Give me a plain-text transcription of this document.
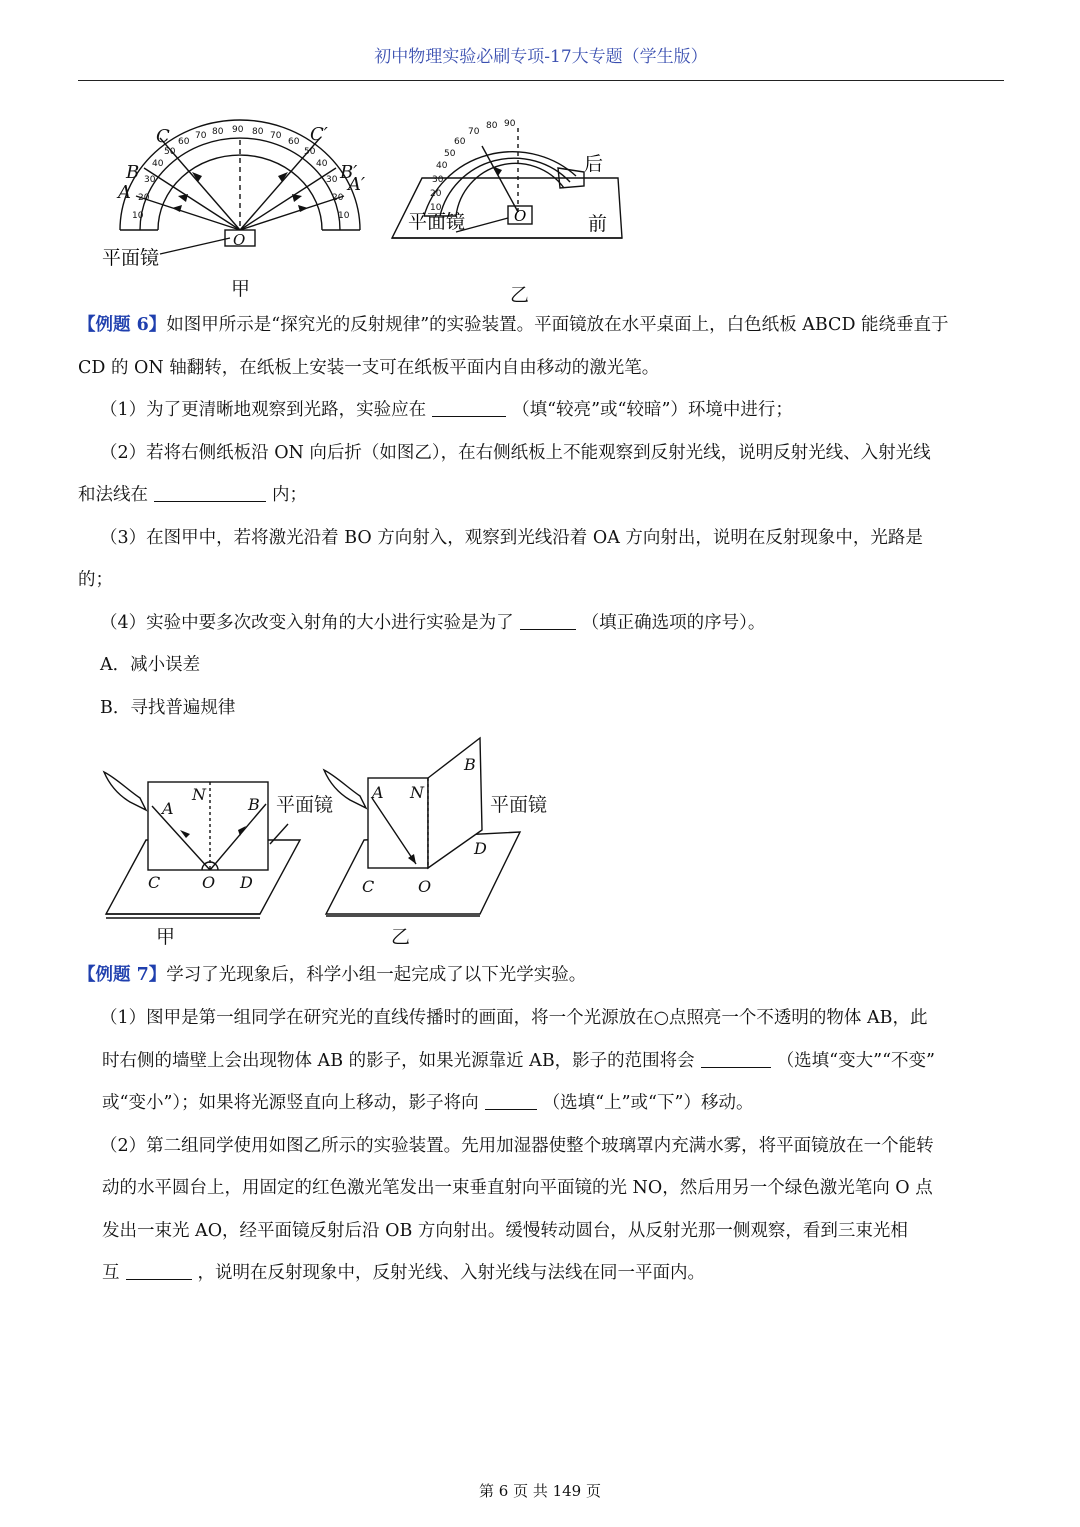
初中物理实验必刷专项-17大专题（学生版）
90
80
70
60
50
40
30
20
10
80 70
60
50
40
30
20
10
C
B
A
C′
B′
A′
O
平面镜
甲
90
80
70
60
50
40
30
20
10	O
后
前
平面镜
乙
【例题 6】如图甲所示是“探究光的反射规律”的实验装置。平面镜放在水平桌面上，白色纸板 ABCD 能绕垂直于
CD 的 ON 轴翻转，在纸板上安装一支可在纸板平面内自由移动的激光笔。
（1）为了更清晰地观察到光路，实验应在	（填“较亮”或“较暗”）环境中进行；
（2）若将右侧纸板沿 ON 向后折（如图乙），在右侧纸板上不能观察到反射光线，说明反射光线、入射光线
和法线在	内；
（3）在图甲中，若将激光沿着 BO 方向射入，观察到光线沿着 OA 方向射出，说明在反射现象中，光路是
的；
（4）实验中要多次改变入射角的大小进行实验是为了	（填正确选项的序号）。
A．减小误差
B．寻找普遍规律
N
A	B
C	O D
平面镜
甲
A N
B
D
C	O
平面镜
乙
【例题 7】学习了光现象后，科学小组一起完成了以下光学实验。
（1）图甲是第一组同学在研究光的直线传播时的画面，将一个光源放在○点照亮一个不透明的物体 AB，此
时右侧的墙壁上会出现物体 AB 的影子，如果光源靠近 AB，影子的范围将会	（选填“变大”“不变”
或“变小”）；如果将光源竖直向上移动，影子将向	（选填“上”或“下”）移动。
（2）第二组同学使用如图乙所示的实验装置。先用加湿器使整个玻璃罩内充满水雾，将平面镜放在一个能转
动的水平圆台上，用固定的红色激光笔发出一束垂直射向平面镜的光 NO，然后用另一个绿色激光笔向 O 点
发出一束光 AO，经平面镜反射后沿 OB 方向射出。缓慢转动圆台，从反射光那一侧观察，看到三束光相
互	，说明在反射现象中，反射光线、入射光线与法线在同一平面内。
第 6 页 共 149 页
